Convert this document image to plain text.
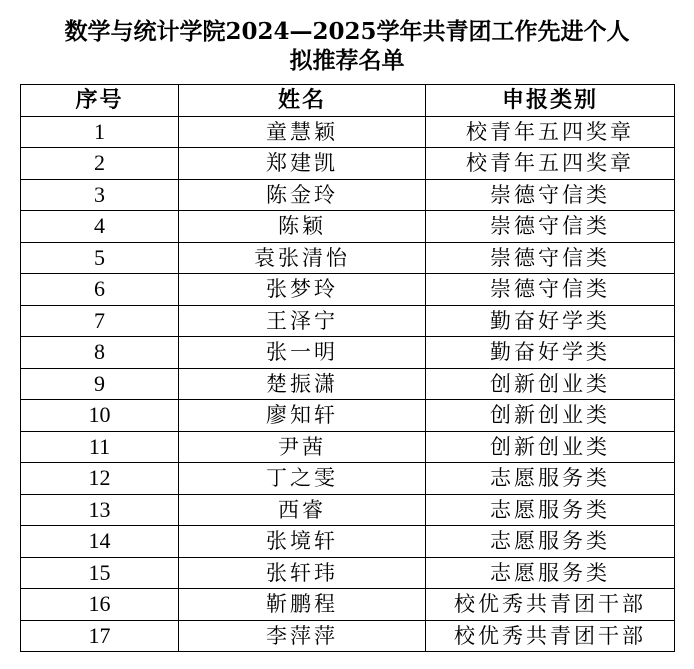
数学与统计学院2024—2025学年共青团工作先进个人
拟推荐名单
序号	姓名	申报类别
1	童慧颖	校青年五四奖章
2	郑建凯	校青年五四奖章
3	陈金玲	崇德守信类
4	陈颖	崇德守信类
5	袁张清怡	崇德守信类
6	张梦玲	崇德守信类
7	王泽宁	勤奋好学类
8	张一明	勤奋好学类
9	楚振潇	创新创业类
10	廖知轩	创新创业类
11	尹茜	创新创业类
12	丁之雯	志愿服务类
13	西睿	志愿服务类
14	张境轩	志愿服务类
15	张轩玮	志愿服务类
16	靳鹏程	校优秀共青团干部
17	李萍萍	校优秀共青团干部
